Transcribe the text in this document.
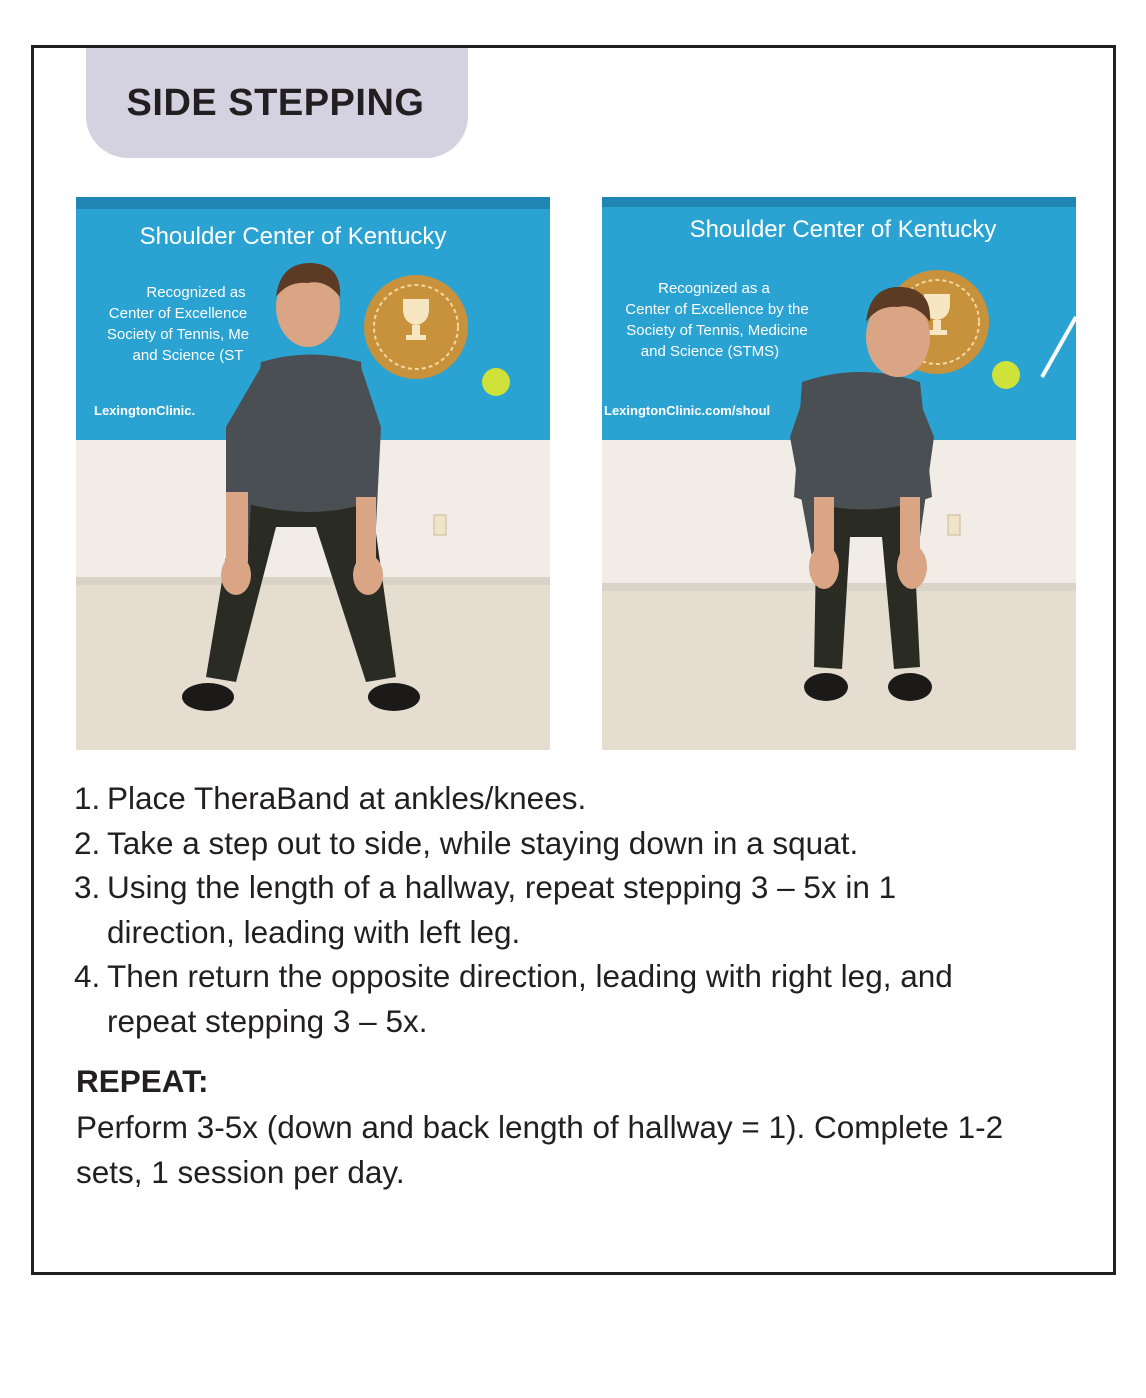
SIDE STEPPING
Shoulder Center of Kentucky
Recognized as
Center of Excellence
Society of Tennis, Me
and Science (ST
LexingtonClinic.
Shoulder Center of Kentucky
Recognized as a
Center of Excellence by the
Society of Tennis, Medicine
and Science (STMS)
LexingtonClinic.com/shoul
1. Place TheraBand at ankles/knees.
2. Take a step out to side, while staying down in a squat.
3. Using the length of a hallway, repeat stepping 3 – 5x in 1 direction, leading with left leg.
4. Then return the opposite direction, leading with right leg, and repeat stepping 3 – 5x.
REPEAT:
Perform 3-5x (down and back length of hallway = 1). Complete 1-2 sets, 1 session per day.
